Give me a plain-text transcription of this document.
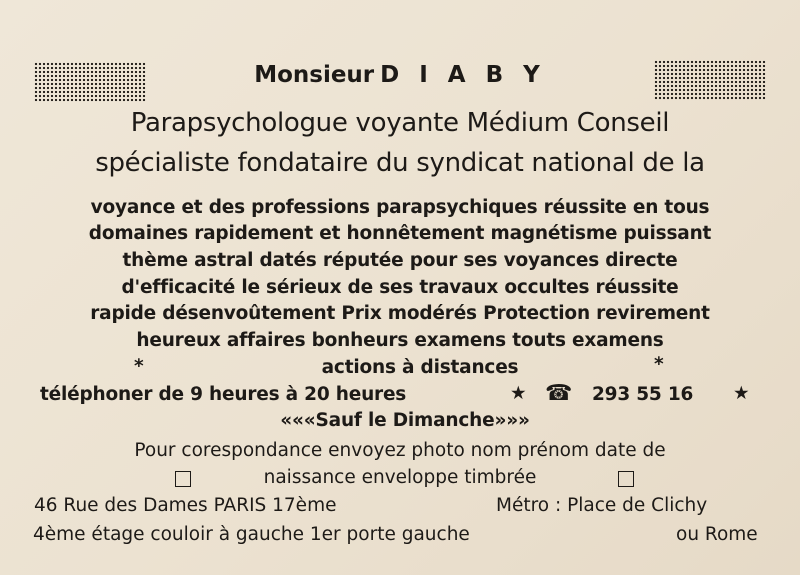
Monsieur D I A B Y
Parapsychologue voyante Médium Conseil
spécialiste fondataire du syndicat national de la
voyance et des professions parapsychiques réussite en tous
domaines rapidement et honnêtement magnétisme puissant
thème astral datés réputée pour ses voyances directe
d'efficacité le sérieux de ses travaux occultes réussite
rapide désenvoûtement Prix modérés Protection revirement
heureux affaires bonheurs examens touts examens
*	actions à distances	*
téléphoner de 9 heures à 20 heures	★ ☎ 293 55 16 ★
«««Sauf le Dimanche»»»
Pour corespondance envoyez photo nom prénom date de
naissance enveloppe timbrée
46 Rue des Dames PARIS 17ème	Métro : Place de Clichy
4ème étage couloir à gauche 1er porte gauche	ou Rome
